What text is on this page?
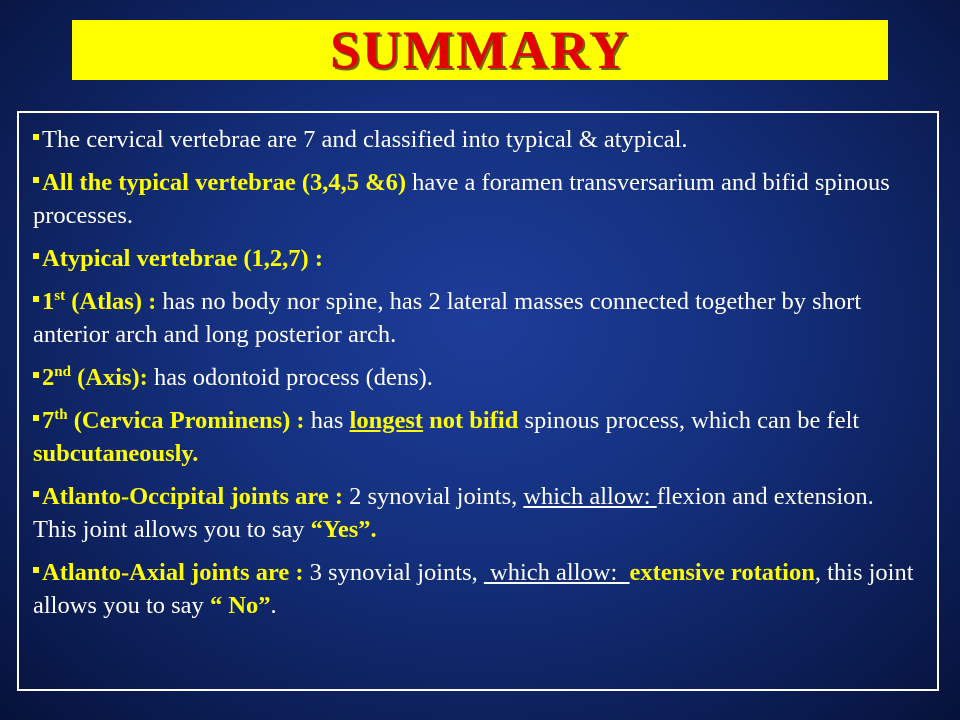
SUMMARY

The cervical vertebrae are 7 and classified into typical & atypical.

All the typical vertebrae (3,4,5 &6) have a foramen transversarium and bifid spinous processes.

Atypical vertebrae (1,2,7) :

1st (Atlas) : has no body nor spine, has 2 lateral masses connected together by short anterior arch and long posterior arch.

2nd (Axis): has odontoid process (dens).

7th (Cervica Prominens) : has longest not bifid spinous process, which can be felt subcutaneously.

Atlanto-Occipital joints are : 2 synovial joints, which allow: flexion and extension. This joint allows you to say “Yes”.

Atlanto-Axial joints are : 3 synovial joints,  which allow:  extensive rotation, this joint allows you to say “ No”.
